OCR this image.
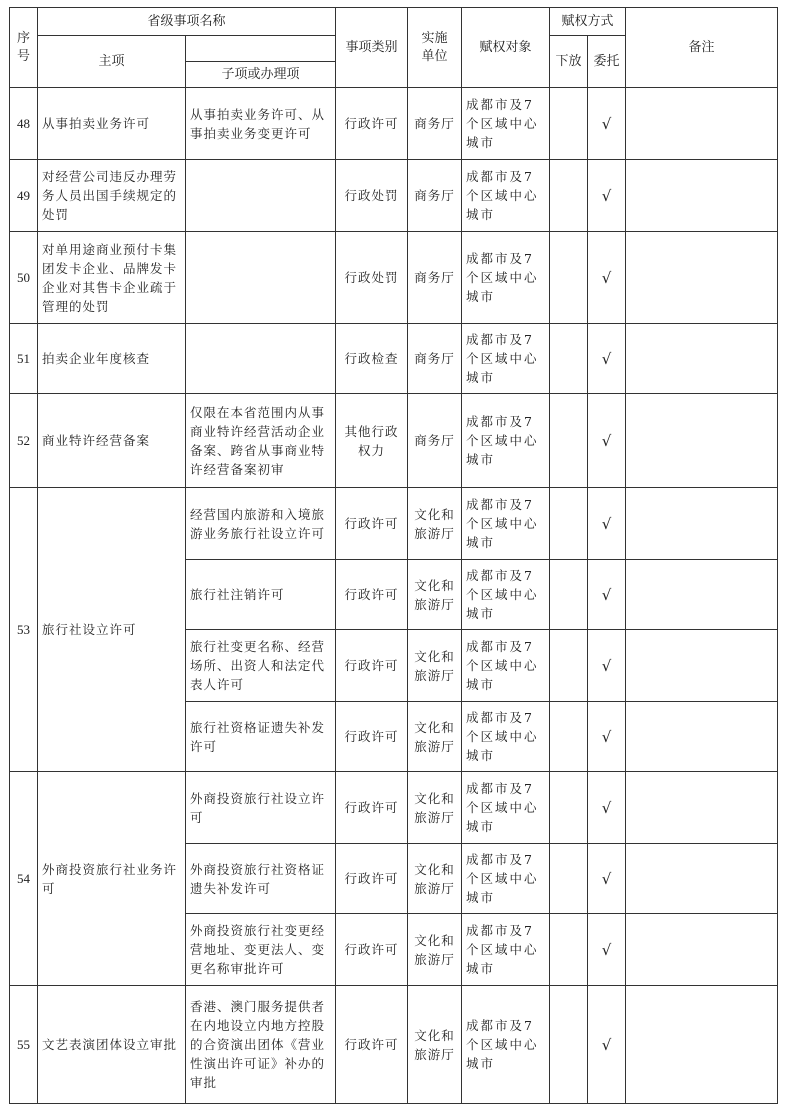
序号	省级事项名称		事项类别	实施单位	赋权对象	赋权方式		备注
	主项					下放	委托	
		子项或办理项						
48	从事拍卖业务许可	从事拍卖业务许可、从事拍卖业务变更许可	行政许可	商务厅	成都市及7个区域中心城市		√	
49	对经营公司违反办理劳务人员出国手续规定的处罚		行政处罚	商务厅	成都市及7个区域中心城市		√	
50	对单用途商业预付卡集团发卡企业、品牌发卡企业对其售卡企业疏于管理的处罚		行政处罚	商务厅	成都市及7个区域中心城市		√	
51	拍卖企业年度核查		行政检查	商务厅	成都市及7个区域中心城市		√	
52	商业特许经营备案	仅限在本省范围内从事商业特许经营活动企业备案、跨省从事商业特许经营备案初审	其他行政权力	商务厅	成都市及7个区域中心城市		√	
53	旅行社设立许可	经营国内旅游和入境旅游业务旅行社设立许可	行政许可	文化和旅游厅	成都市及7个区域中心城市		√	
		旅行社注销许可	行政许可	文化和旅游厅	成都市及7个区域中心城市		√	
		旅行社变更名称、经营场所、出资人和法定代表人许可	行政许可	文化和旅游厅	成都市及7个区域中心城市		√	
		旅行社资格证遗失补发许可	行政许可	文化和旅游厅	成都市及7个区域中心城市		√	
54	外商投资旅行社业务许可	外商投资旅行社设立许可	行政许可	文化和旅游厅	成都市及7个区域中心城市		√	
		外商投资旅行社资格证遗失补发许可	行政许可	文化和旅游厅	成都市及7个区域中心城市		√	
		外商投资旅行社变更经营地址、变更法人、变更名称审批许可	行政许可	文化和旅游厅	成都市及7个区域中心城市		√	
55	文艺表演团体设立审批	香港、澳门服务提供者在内地设立内地方控股的合资演出团体《营业性演出许可证》补办的审批	行政许可	文化和旅游厅	成都市及7个区域中心城市		√	
